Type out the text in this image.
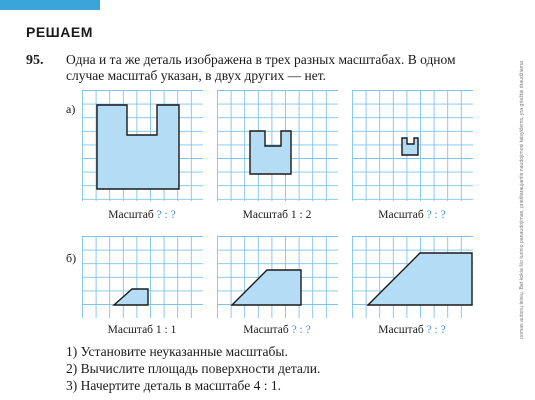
pomas autorių teisių. Bet kokia šio turinio panaudojimas, prieštaraujantis naudojimosi taisyklėms, yra griežtai draudžiama
РЕШАЕМ
95. Одна и та же деталь изображена в трех разных масштабах. В одном случае масштаб указан, в двух других — нет.
а)
б)
Масштаб ? : ?	Масштаб 1 : 2	Масштаб ? : ?
Масштаб 1 : 1	Масштаб ? : ?	Масштаб ? : ?
1) Установите неуказанные масштабы.
2) Вычислите площадь поверхности детали.
3) Начертите деталь в масштабе 4 : 1.
